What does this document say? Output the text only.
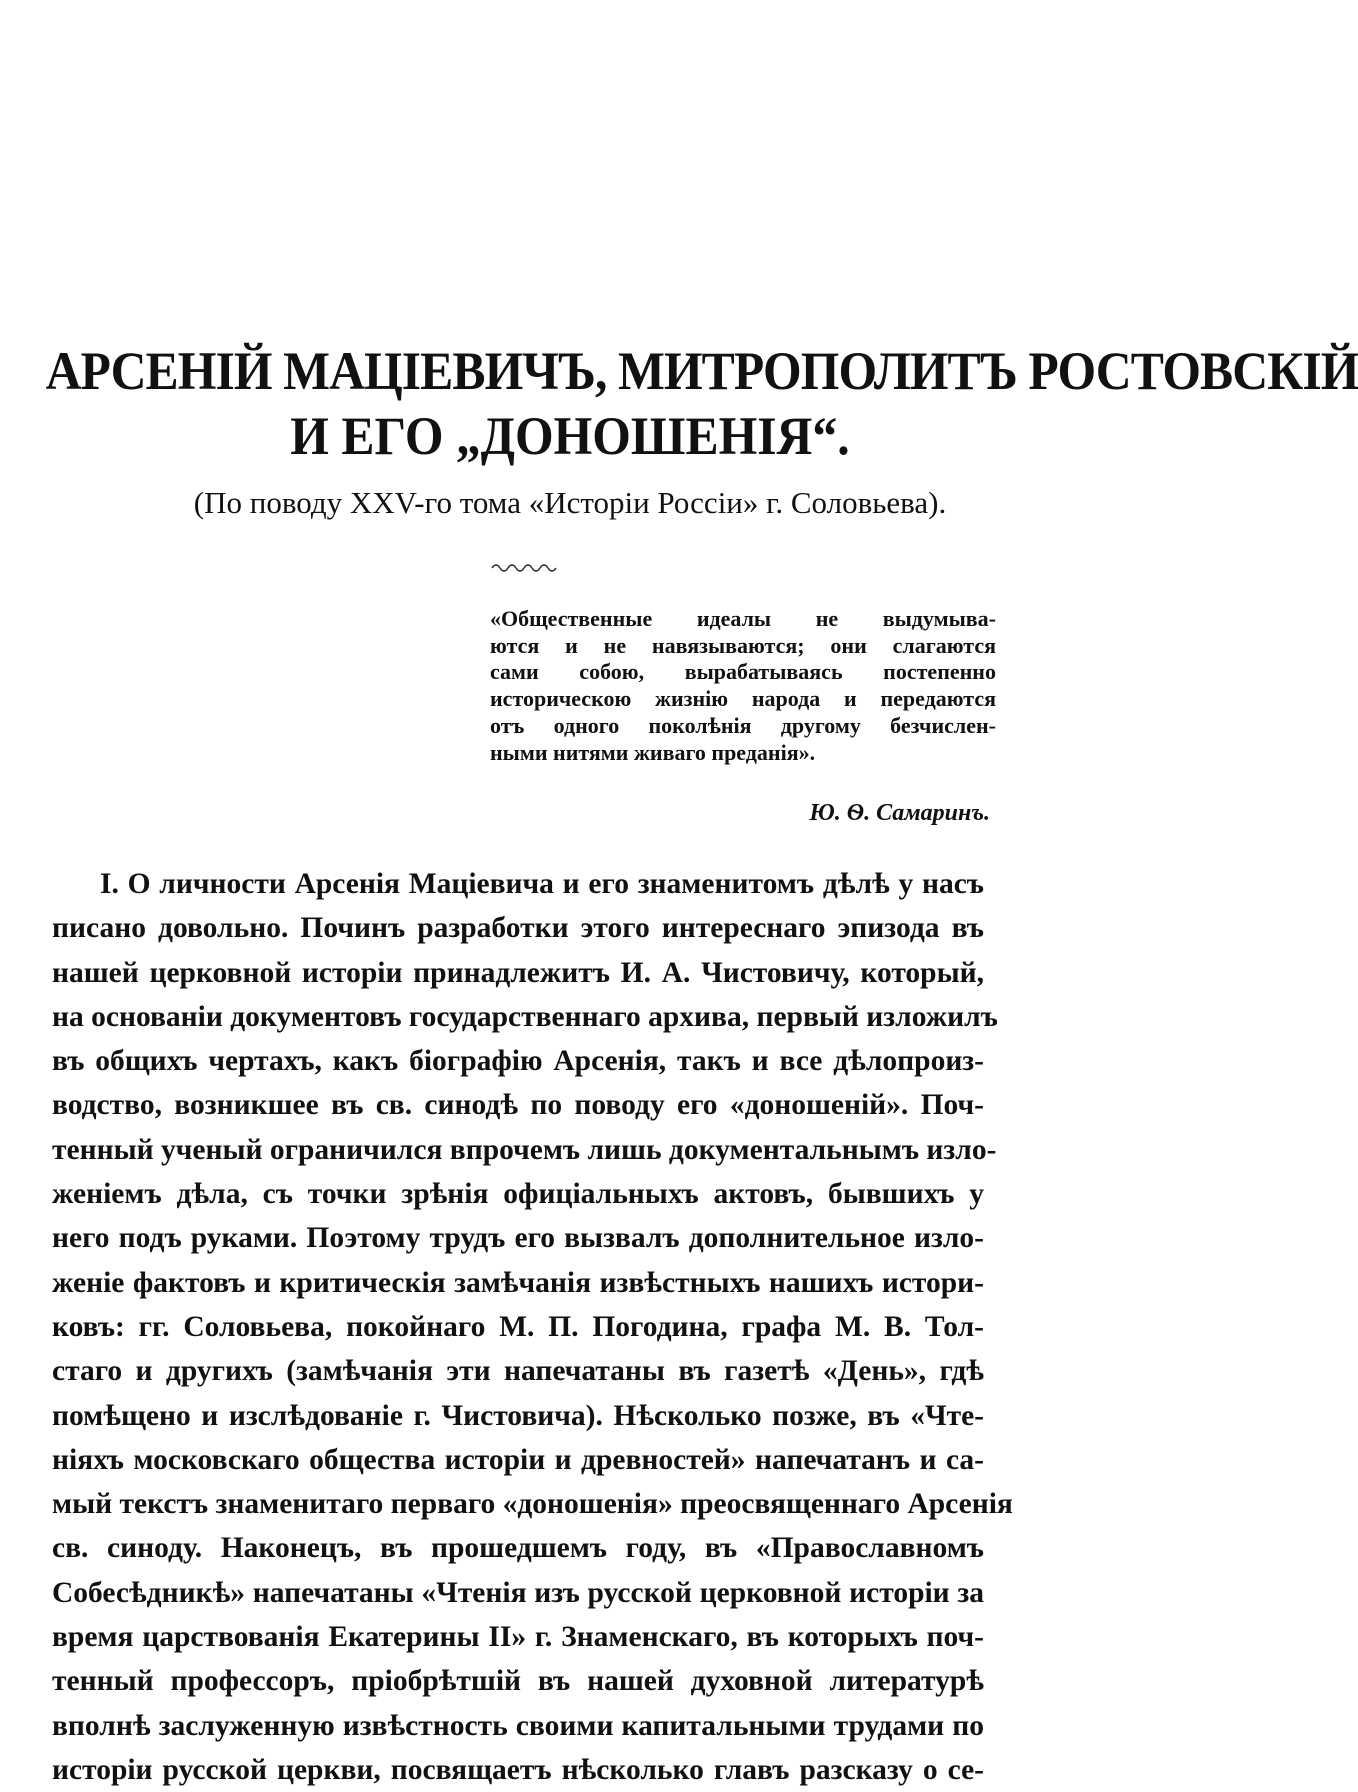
АРСЕНІЙ МАЦІЕВИЧЪ, МИТРОПОЛИТЪ РОСТОВСКІЙ
И ЕГО „ДОНОШЕНІЯ“.
(По поводу XXV-го тома «Исторіи Россіи» г. Соловьева).
«Общественные идеалы не выдумыва-
ются и не навязываются; они слагаются
сами собою, вырабатываясь постепенно
историческою жизнію народа и передаются
отъ одного поколѣнія другому безчислен-
ными нитями живаго преданія».
Ю. Ѳ. Самаринъ.
I. О личности Арсенія Маціевича и его знаменитомъ дѣлѣ у насъ
писано довольно. Починъ разработки этого интереснаго эпизода въ
нашей церковной исторіи принадлежитъ И. А. Чистовичу, который,
на основаніи документовъ государственнаго архива, первый изложилъ
въ общихъ чертахъ, какъ біографію Арсенія, такъ и все дѣлопроиз-
водство, возникшее въ св. синодѣ по поводу его «доношеній». Поч-
тенный ученый ограничился впрочемъ лишь документальнымъ изло-
женіемъ дѣла, съ точки зрѣнія офиціальныхъ актовъ, бывшихъ у
него подъ руками. Поэтому трудъ его вызвалъ дополнительное изло-
женіе фактовъ и критическія замѣчанія извѣстныхъ нашихъ истори-
ковъ: гг. Соловьева, покойнаго М. П. Погодина, графа М. В. Тол-
стаго и другихъ (замѣчанія эти напечатаны въ газетѣ «День», гдѣ
помѣщено и изслѣдованіе г. Чистовича). Нѣсколько позже, въ «Чте-
ніяхъ московскаго общества исторіи и древностей» напечатанъ и са-
мый текстъ знаменитаго перваго «доношенія» преосвященнаго Арсенія
св. синоду. Наконецъ, въ прошедшемъ году, въ «Православномъ
Собесѣдникѣ» напечатаны «Чтенія изъ русской церковной исторіи за
время царствованія Екатерины II» г. Знаменскаго, въ которыхъ поч-
тенный профессоръ, пріобрѣтшій въ нашей духовной литературѣ
вполнѣ заслуженную извѣстность своими капитальными трудами по
исторіи русской церкви, посвящаетъ нѣсколько главъ разсказу о се-
